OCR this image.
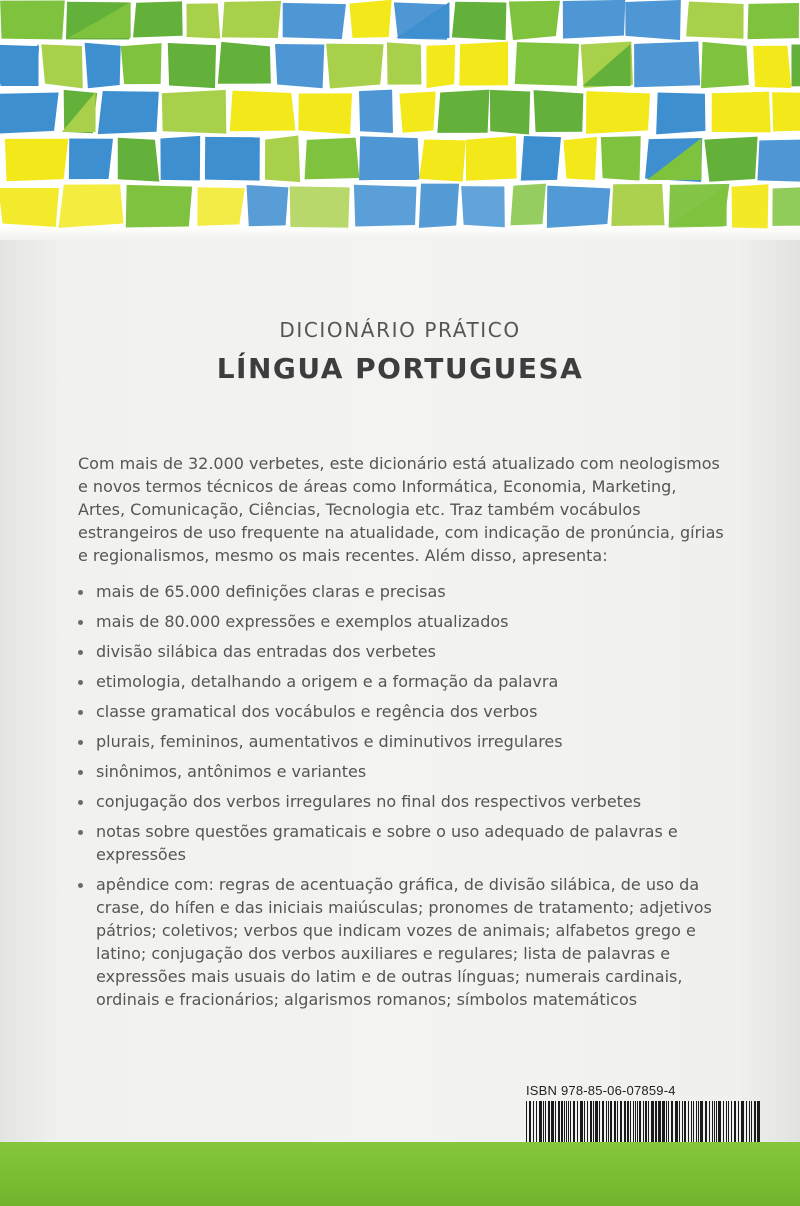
DICIONÁRIO PRÁTICO
LÍNGUA PORTUGUESA
Com mais de 32.000 verbetes, este dicionário está atualizado com neologismos e novos termos técnicos de áreas como Informática, Economia, Marketing, Artes, Comunicação, Ciências, Tecnologia etc. Traz também vocábulos estrangeiros de uso frequente na atualidade, com indicação de pronúncia, gírias e regionalismos, mesmo os mais recentes. Além disso, apresenta:
mais de 65.000 definições claras e precisas
mais de 80.000 expressões e exemplos atualizados
divisão silábica das entradas dos verbetes
etimologia, detalhando a origem e a formação da palavra
classe gramatical dos vocábulos e regência dos verbos
plurais, femininos, aumentativos e diminutivos irregulares
sinônimos, antônimos e variantes
conjugação dos verbos irregulares no final dos respectivos verbetes
notas sobre questões gramaticais e sobre o uso adequado de palavras e expressões
apêndice com: regras de acentuação gráfica, de divisão silábica, de uso da crase, do hífen e das iniciais maiúsculas; pronomes de tratamento; adjetivos pátrios; coletivos; verbos que indicam vozes de animais; alfabetos grego e latino; conjugação dos verbos auxiliares e regulares; lista de palavras e expressões mais usuais do latim e de outras línguas; numerais cardinais, ordinais e fracionários; algarismos romanos; símbolos matemáticos
ISBN 978-85-06-07859-4
